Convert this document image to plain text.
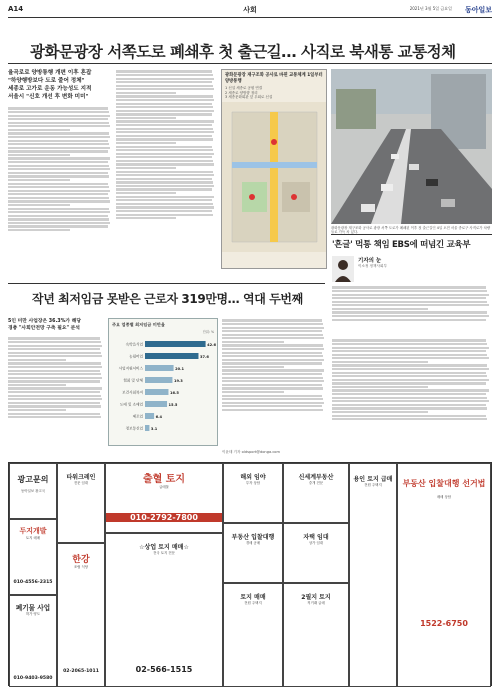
A14	사회	2021년 3월 5일 금요일 동아일보
광화문광장 서쪽도로 폐쇄후 첫 출근길… 사직로 북새통 교통정체
율곡로로 양방통행 개편 이후 혼잡
"하양행방보다 도로 줄어 정체"
세종로 고가로 운동 가능성도 지적
서울시 "신호 개선 후 변화 미미"
광화문광장 재구조화 공사로 바뀐 교통체계 1일부터 양방통행
1 신설 세종로 공원 연결
2 세종로 양방향 정리
3 세종문화회관 앞 우회로 신설
광화문광장 재구조화 공사로 광장 서쪽 도로가 폐쇄된 이후 첫 출근길인 4일 오전 서울 종로구 사직로가 차량들로 가득 차 있다.
'흔글' 먹통 책임 EBS에 떠넘긴 교육부
기자의 눈
이소정 정책사회부
작년 최저임금 못받은 근로자 319만명… 역대 두번째
5인 미만 사업장은 36.3%가 해당
경총 "사회안전망 구축 필요" 분석
주요 업종별 최저임금 미만율
단위: %
숙박음식업	42.6
농림어업	37.6
사업지원서비스	20.1
협회 및 단체	19.3
보건사회복지	16.5
도매 및 소매업	15.5
제조업	6.4
정보통신업 3.1
이윤태 기자 oldsport@donga.com
광고문의
동아일보 광고국
두지개발
토지 매매
010-4556-2315
폐기물 사업
허가 양도
010-9403-9580
타워크레인
전문 임대
한강
조립 식당
02-2065-1011
출혈 토지
급매물
010-2792-7800
☆상업 토지 매매☆
전국 토지 전문
02-566-1515
해외 임야
투자 상담
부동산 입찰대행
경매 공매
토지 매매
전원 주택지
신세계부동산
중개 전문
자택 임대
상가 임대
2필지 토지
직거래 급매
용인 토지 급매
전원 주택지	부동산 입찰대행 선거법
매매 상담
1522-6750
